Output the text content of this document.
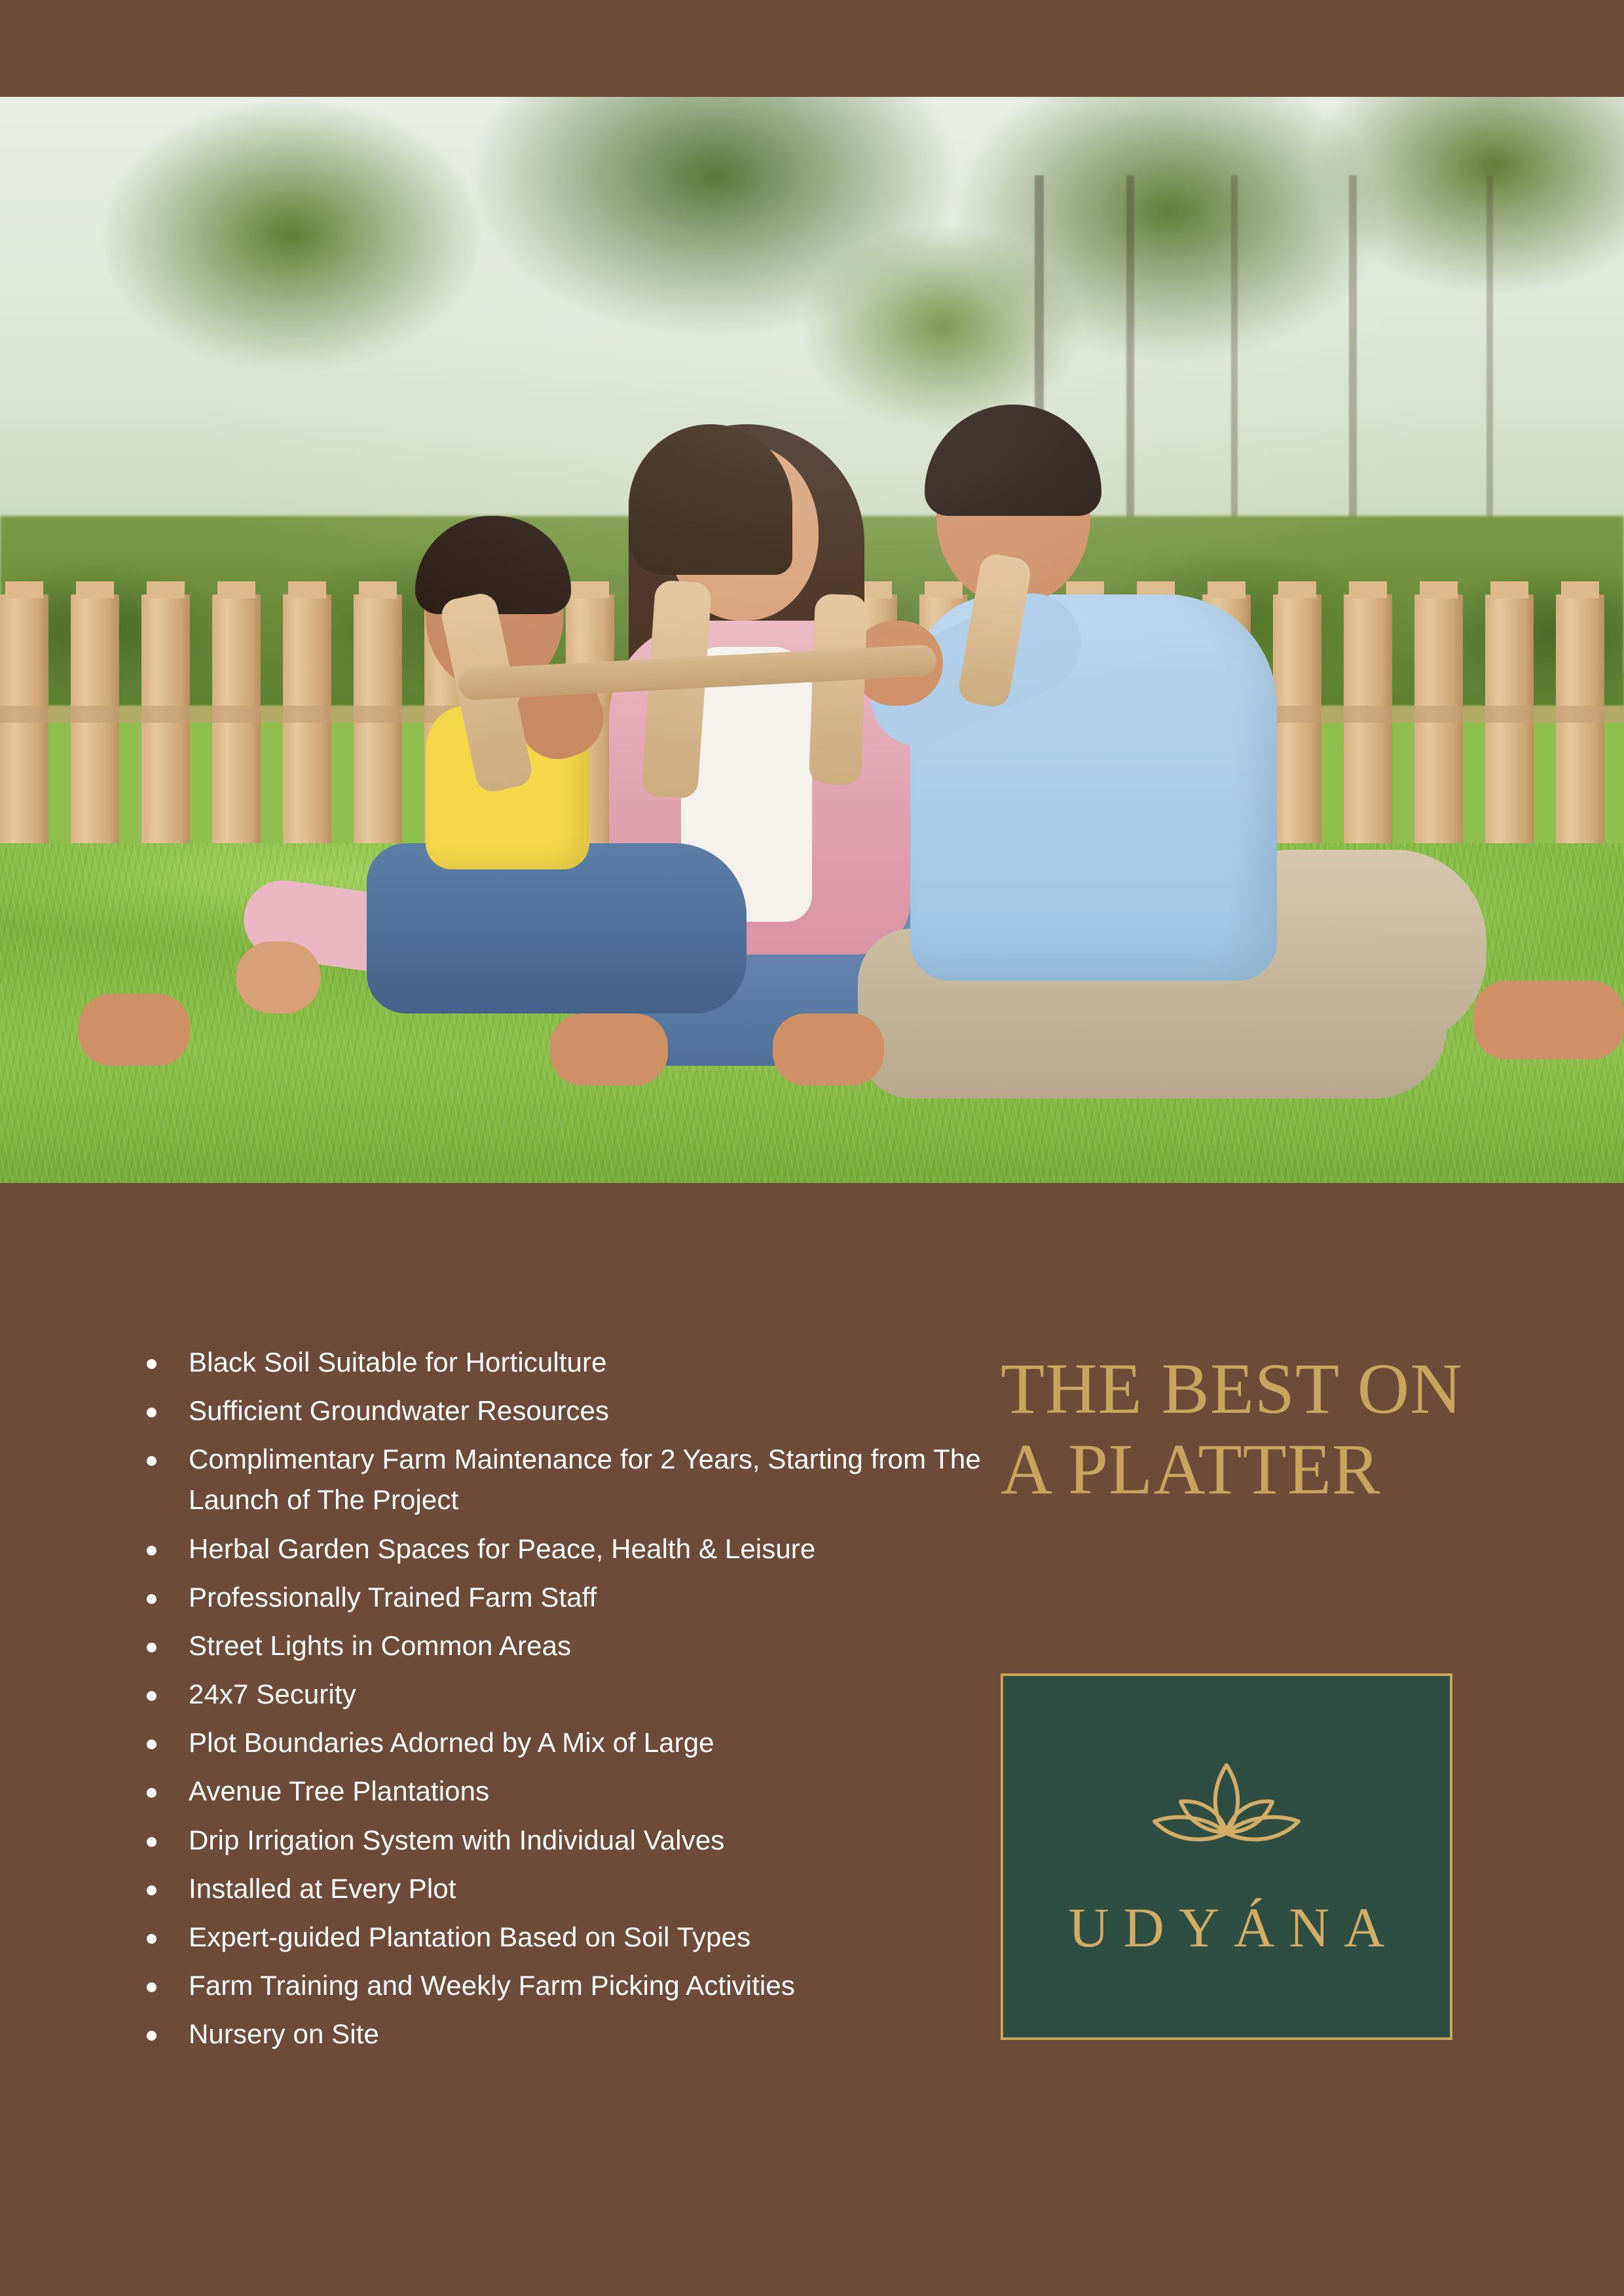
Black Soil Suitable for Horticulture
Sufficient Groundwater Resources
Complimentary Farm Maintenance for 2 Years, Starting from The Launch of The Project
Herbal Garden Spaces for Peace, Health & Leisure
Professionally Trained Farm Staff
Street Lights in Common Areas
24x7 Security
Plot Boundaries Adorned by A Mix of Large
Avenue Tree Plantations
Drip Irrigation System with Individual Valves
Installed at Every Plot
Expert-guided Plantation Based on Soil Types
Farm Training and Weekly Farm Picking Activities
Nursery on Site
THE BEST ON
A PLATTER
UDYÁNA
